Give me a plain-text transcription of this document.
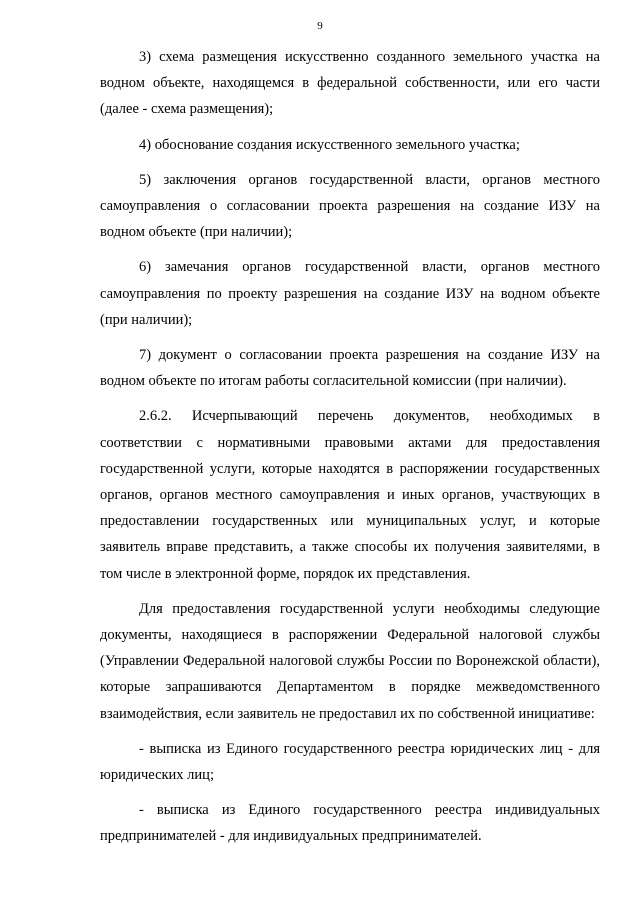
9

3) схема размещения искусственно созданного земельного участка на водном объекте, находящемся в федеральной собственности, или его части (далее - схема размещения);

4) обоснование создания искусственного земельного участка;

5) заключения органов государственной власти, органов местного самоуправления о согласовании проекта разрешения на создание ИЗУ на водном объекте (при наличии);

6) замечания органов государственной власти, органов местного самоуправления по проекту разрешения на создание ИЗУ на водном объекте (при наличии);

7) документ о согласовании проекта разрешения на создание ИЗУ на водном объекте по итогам работы согласительной комиссии (при наличии).

2.6.2. Исчерпывающий перечень документов, необходимых в соответствии с нормативными правовыми актами для предоставления государственной услуги, которые находятся в распоряжении государственных органов, органов местного самоуправления и иных органов, участвующих в предоставлении государственных или муниципальных услуг, и которые заявитель вправе представить, а также способы их получения заявителями, в том числе в электронной форме, порядок их представления.

Для предоставления государственной услуги необходимы следующие документы, находящиеся в распоряжении Федеральной налоговой службы (Управлении Федеральной налоговой службы России по Воронежской области), которые запрашиваются Департаментом в порядке межведомственного взаимодействия, если заявитель не предоставил их по собственной инициативе:

- выписка из Единого государственного реестра юридических лиц - для юридических лиц;

- выписка из Единого государственного реестра индивидуальных предпринимателей - для индивидуальных предпринимателей.
